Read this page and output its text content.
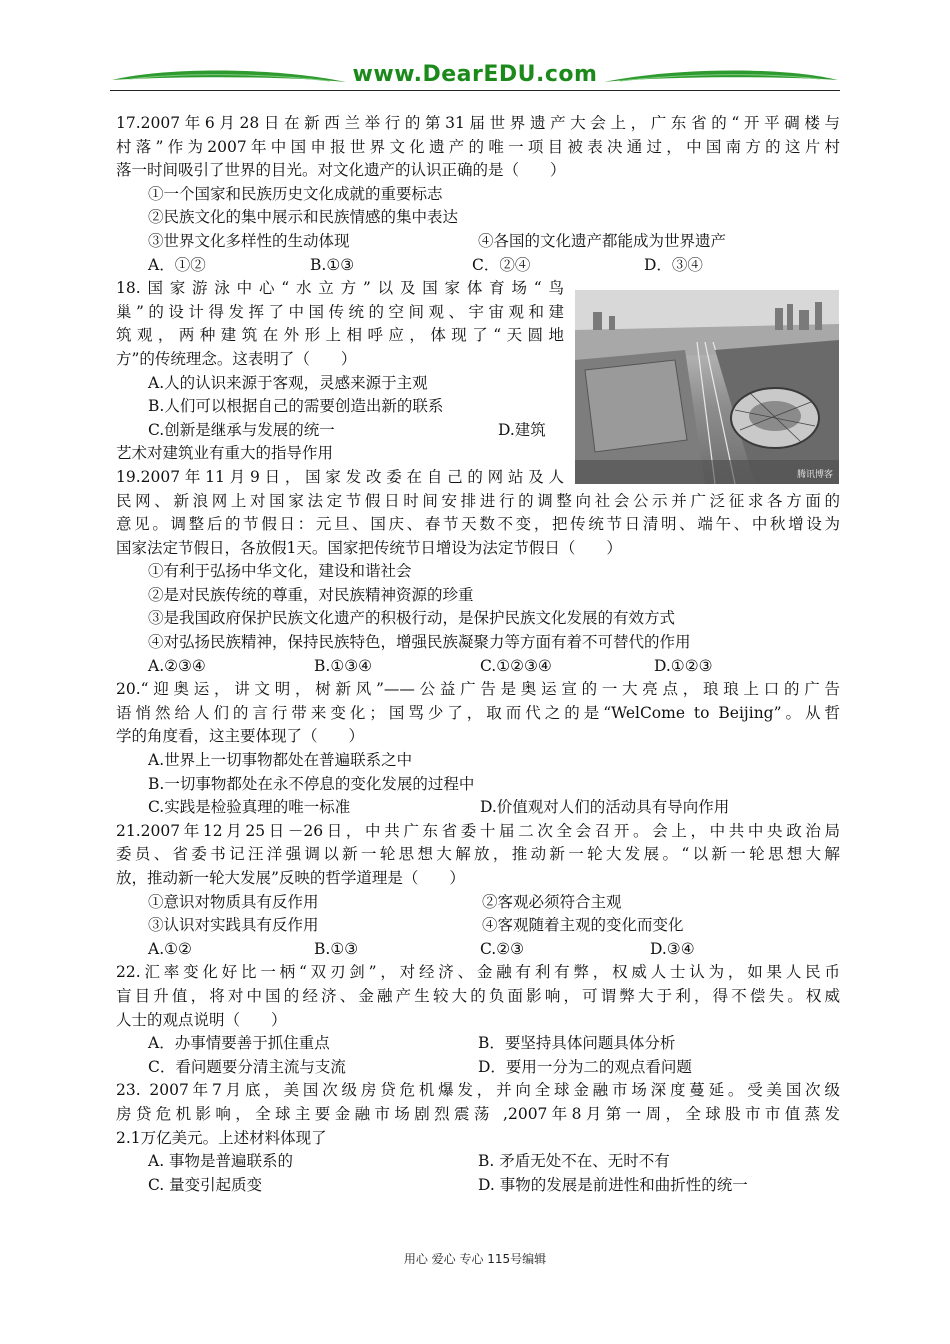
www.DearEDU.com
17.2007年6月28日在新西兰举行的第31届世界遗产大会上，广东省的“开平碉楼与
村落”作为2007年中国申报世界文化遗产的唯一项目被表决通过，中国南方的这片村
落一时间吸引了世界的目光。对文化遗产的认识正确的是（　　）
①一个国家和民族历史文化成就的重要标志
②民族文化的集中展示和民族情感的集中表达
③世界文化多样性的生动体现	④各国的文化遗产都能成为世界遗产
A．①②	B.①③	C．②④	D．③④
18.国家游泳中心“水立方”以及国家体育场“鸟
巢”的设计得发挥了中国传统的空间观、宇宙观和建
筑观，两种建筑在外形上相呼应，体现了“天圆地
方”的传统理念。这表明了（　　）
A.人的认识来源于客观，灵感来源于主观
B.人们可以根据自己的需要创造出新的联系
C.创新是继承与发展的统一	D.建筑
艺术对建筑业有重大的指导作用
19.2007年11月9日，国家发改委在自己的网站及人
民网、新浪网上对国家法定节假日时间安排进行的调整向社会公示并广泛征求各方面的
意见。调整后的节假日：元旦、国庆、春节天数不变，把传统节日清明、端午、中秋增设为
国家法定节假日，各放假1天。国家把传统节日增设为法定节假日（　　）
①有利于弘扬中华文化，建设和谐社会
②是对民族传统的尊重，对民族精神资源的珍重
③是我国政府保护民族文化遗产的积极行动，是保护民族文化发展的有效方式
④对弘扬民族精神，保持民族特色，增强民族凝聚力等方面有着不可替代的作用
A.②③④	B.①③④	C.①②③④	D.①②③
20.“迎奥运，讲文明，树新风”——公益广告是奥运宣的一大亮点，琅琅上口的广告
语悄然给人们的言行带来变化；国骂少了，取而代之的是“WelCome to Beijing”。从哲
学的角度看，这主要体现了（　　）
A.世界上一切事物都处在普遍联系之中
B.一切事物都处在永不停息的变化发展的过程中
C.实践是检验真理的唯一标准	D.价值观对人们的活动具有导向作用
21.2007年12月25日－26日，中共广东省委十届二次全会召开。会上，中共中央政治局
委员、省委书记汪洋强调以新一轮思想大解放，推动新一轮大发展。“以新一轮思想大解
放，推动新一轮大发展”反映的哲学道理是（　　）
①意识对物质具有反作用	②客观必须符合主观
③认识对实践具有反作用	④客观随着主观的变化而变化
A.①②	B.①③	C.②③	D.③④
22.汇率变化好比一柄“双刃剑”，对经济、金融有利有弊，权威人士认为，如果人民币
盲目升值，将对中国的经济、金融产生较大的负面影响，可谓弊大于利，得不偿失。权威
人士的观点说明（　　）
A．办事情要善于抓住重点	B．要坚持具体问题具体分析
C．看问题要分清主流与支流	D．要用一分为二的观点看问题
23. 2007年7月底，美国次级房贷危机爆发，并向全球金融市场深度蔓延。受美国次级
房贷危机影响，全球主要金融市场剧烈震荡 ,2007年8月第一周，全球股市市值蒸发
2.1万亿美元。上述材料体现了
A. 事物是普遍联系的	B. 矛盾无处不在、无时不有
C. 量变引起质变	D. 事物的发展是前进性和曲折性的统一
腾讯博客
用心 爱心 专心 115号编辑
